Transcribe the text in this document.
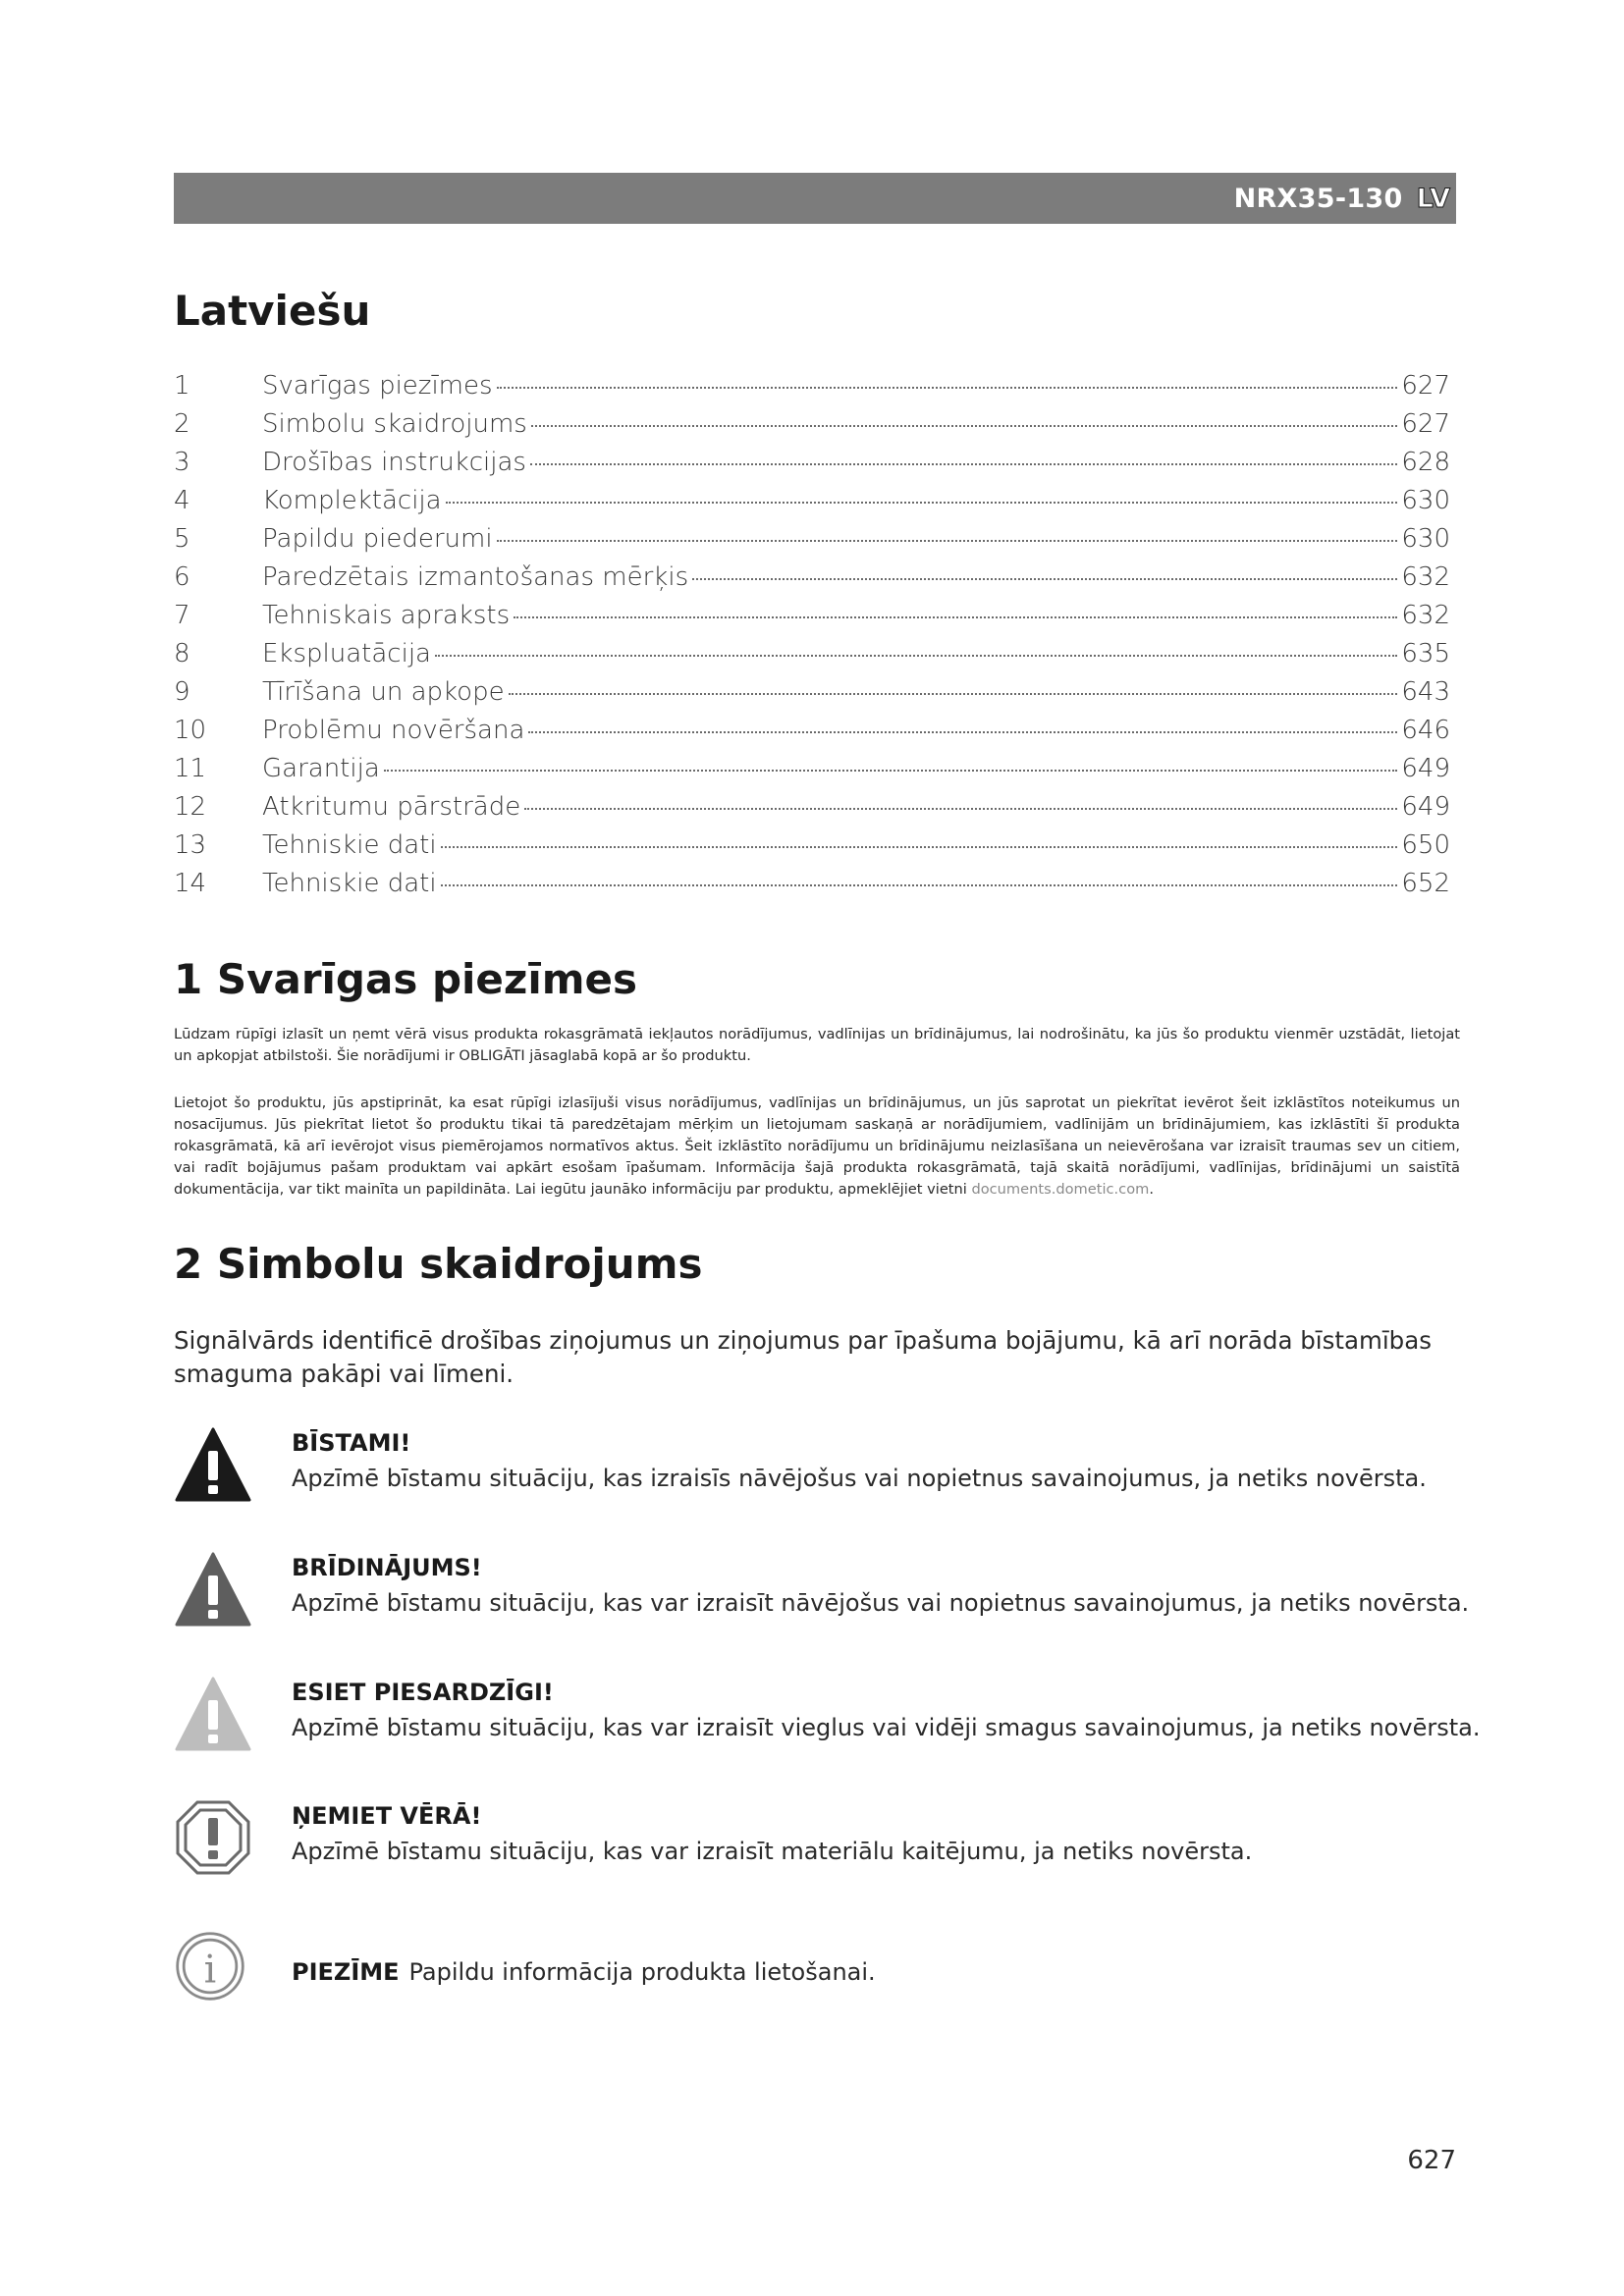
NRX35-130 LV
Latviešu
1	Svarīgas piezīmes	627
2	Simbolu skaidrojums	627
3	Drošības instrukcijas	628
4	Komplektācija	630
5	Papildu piederumi	630
6	Paredzētais izmantošanas mērķis	632
7	Tehniskais apraksts	632
8	Ekspluatācija	635
9	Tīrīšana un apkope	643
10	Problēmu novēršana	646
11	Garantija	649
12	Atkritumu pārstrāde	649
13	Tehniskie dati	650
14	Tehniskie dati	652
1 Svarīgas piezīmes

Lūdzam rūpīgi izlasīt un ņemt vērā visus produkta rokasgrāmatā iekļautos norādījumus, vadlīnijas un brīdinājumus, lai nodrošinātu, ka jūs šo produktu vienmēr uzstādāt, lietojat un apkopjat atbilstoši. Šie norādījumi ir OBLIGĀTI jāsaglabā kopā ar šo produktu.

Lietojot šo produktu, jūs apstiprināt, ka esat rūpīgi izlasījuši visus norādījumus, vadlīnijas un brīdinājumus, un jūs saprotat un piekrītat ievērot šeit izklāstītos noteikumus un nosacījumus. Jūs piekrītat lietot šo produktu tikai tā paredzētajam mērķim un lietojumam saskaņā ar norādījumiem, vadlīnijām un brīdinājumiem, kas izklāstīti šī produkta rokasgrāmatā, kā arī ievērojot visus piemērojamos normatīvos aktus. Šeit izklāstīto norādījumu un brīdinājumu neizlasīšana un neievērošana var izraisīt traumas sev un citiem, vai radīt bojājumus pašam produktam vai apkārt esošam īpašumam. Informācija šajā produkta rokasgrāmatā, tajā skaitā norādījumi, vadlīnijas, brīdinājumi un saistītā dokumentācija, var tikt mainīta un papildināta. Lai iegūtu jaunāko informāciju par produktu, apmeklējiet vietni documents.dometic.com.

2 Simbolu skaidrojums

Signālvārds identificē drošības ziņojumus un ziņojumus par īpašuma bojājumu, kā arī norāda bīstamības smaguma pakāpi vai līmeni.

BĪSTAMI!

Apzīmē bīstamu situāciju, kas izraisīs nāvējošus vai nopietnus savainojumus, ja netiks novērsta.

BRĪDINĀJUMS!

Apzīmē bīstamu situāciju, kas var izraisīt nāvējošus vai nopietnus savainojumus, ja netiks novērsta.

ESIET PIESARDZĪGI!

Apzīmē bīstamu situāciju, kas var izraisīt vieglus vai vidēji smagus savainojumus, ja netiks novērsta.

ŅEMIET VĒRĀ!

Apzīmē bīstamu situāciju, kas var izraisīt materiālu kaitējumu, ja netiks novērsta.

i	PIEZĪME Papildu informācija produkta lietošanai.
627
